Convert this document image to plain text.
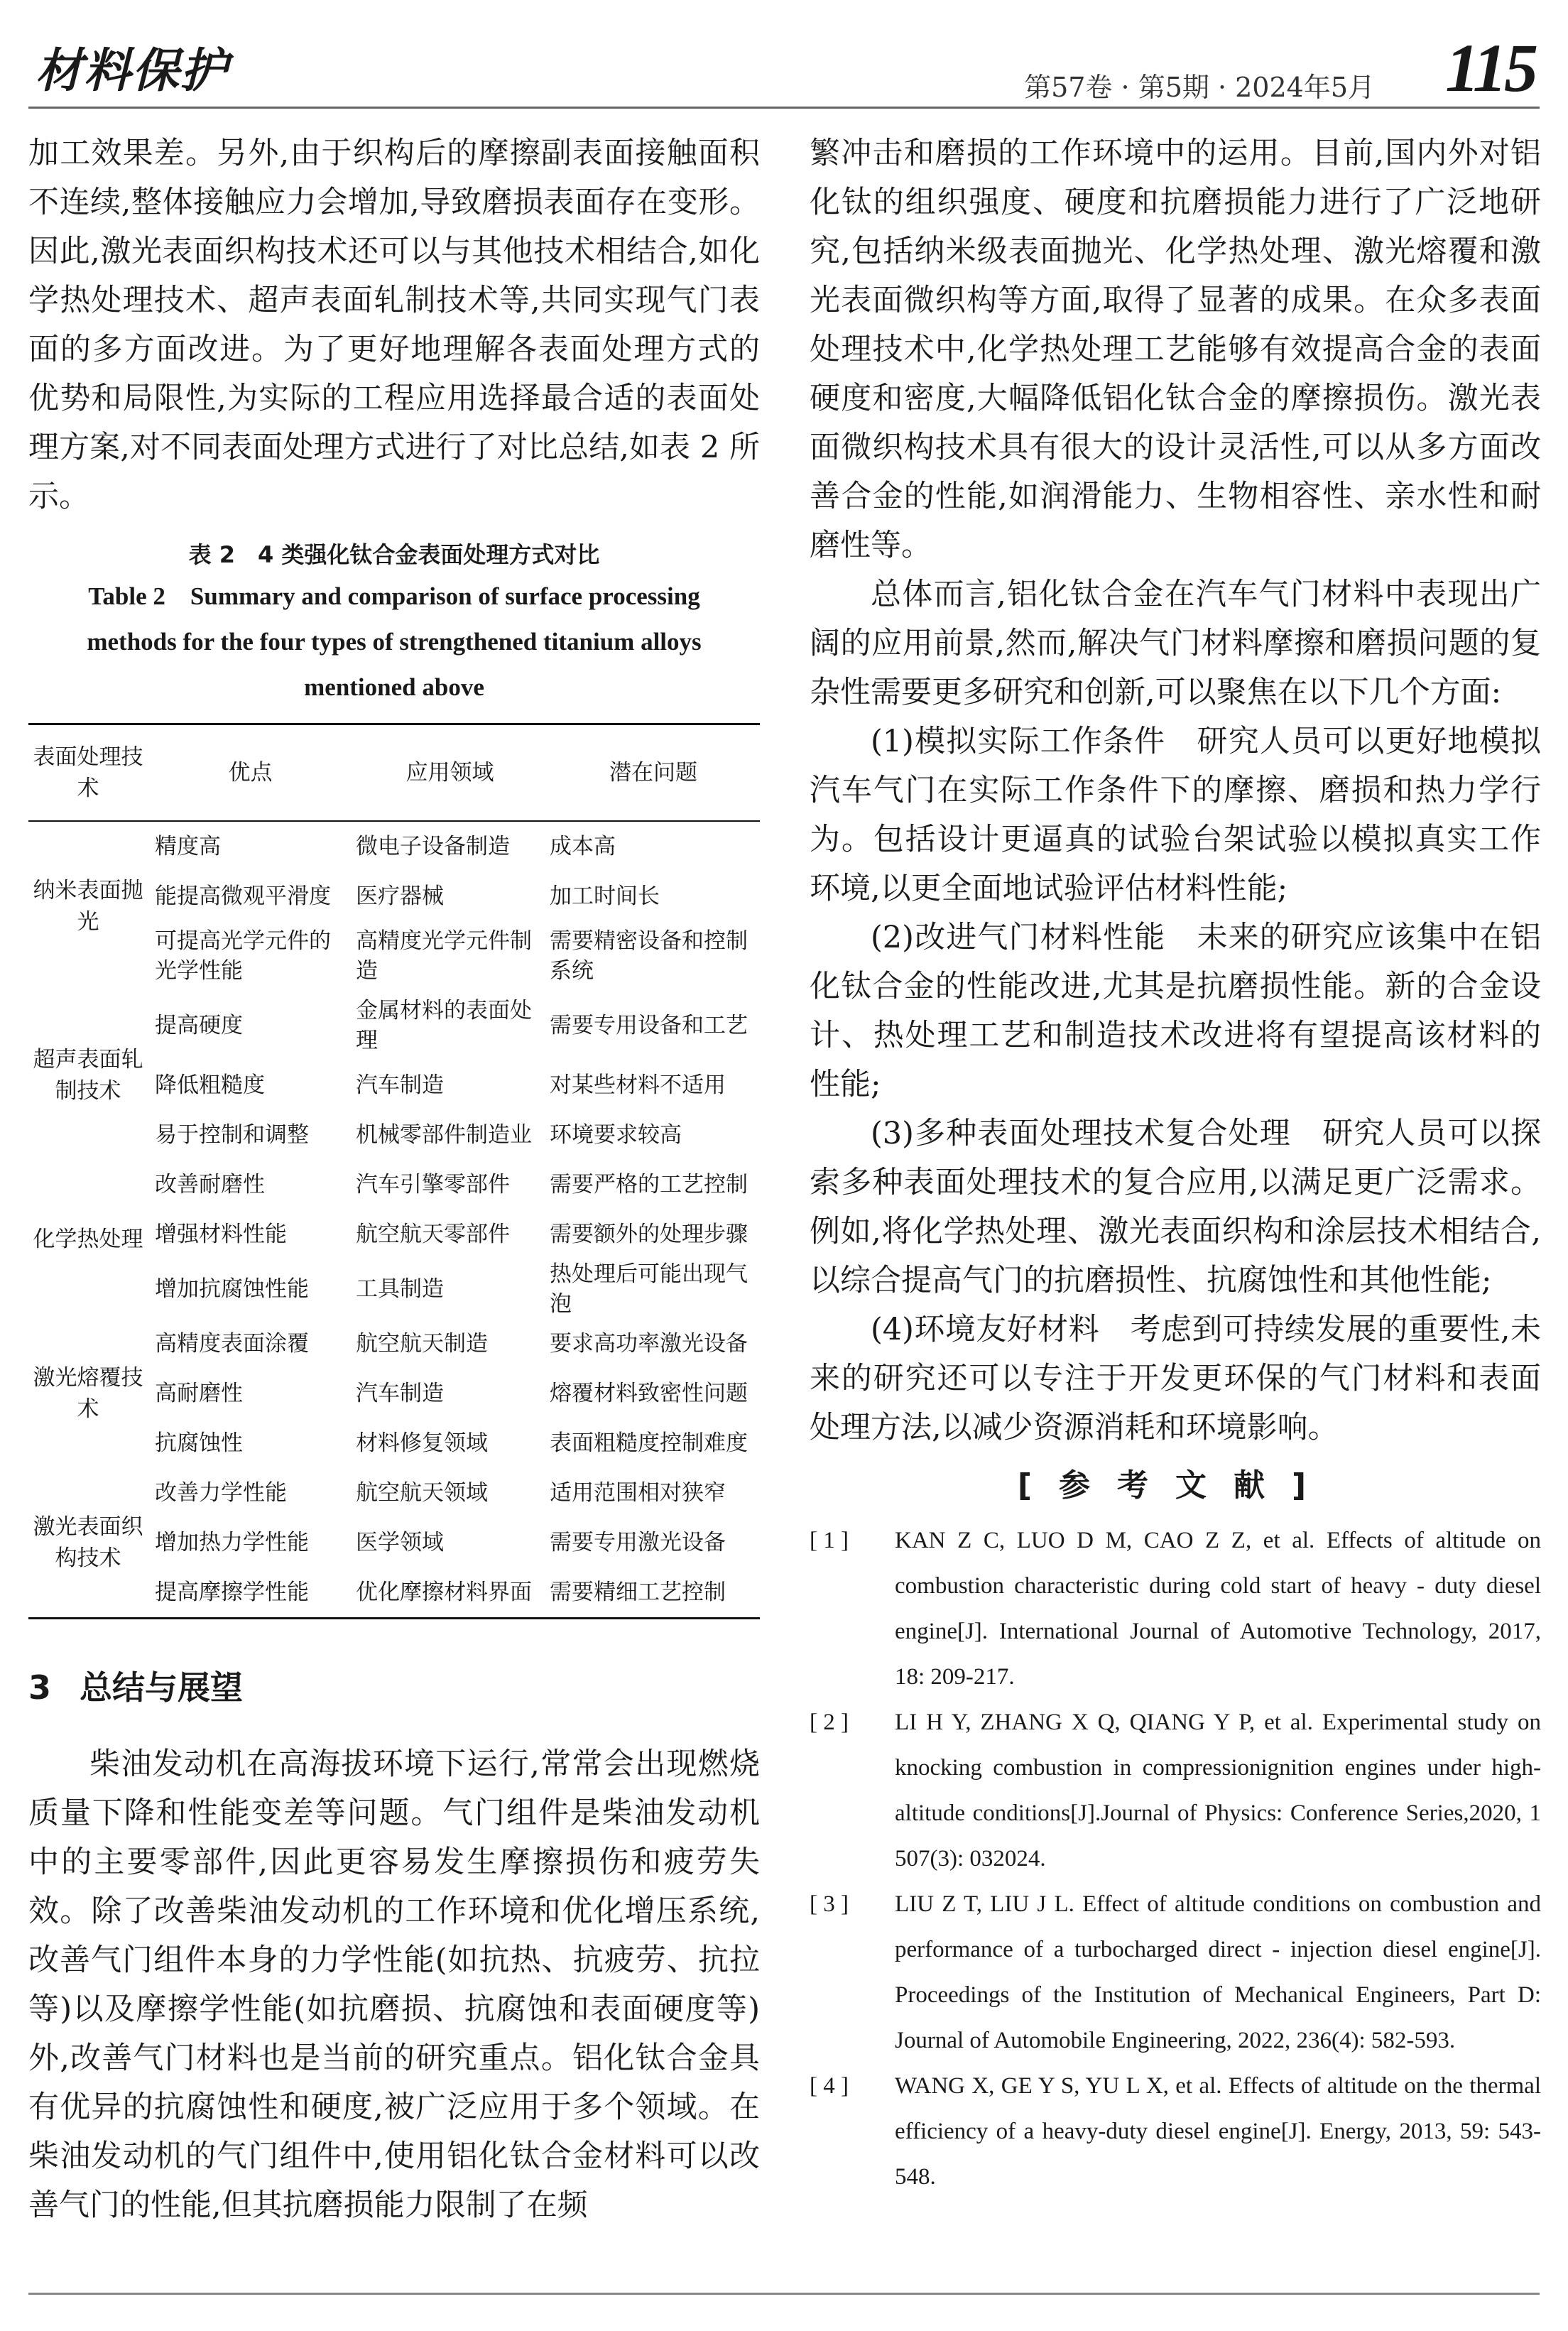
材料保护	第57卷 · 第5期 · 2024年5月 115

加工效果差。另外,由于织构后的摩擦副表面接触面积不连续,整体接触应力会增加,导致磨损表面存在变形。因此,激光表面织构技术还可以与其他技术相结合,如化学热处理技术、超声表面轧制技术等,共同实现气门表面的多方面改进。为了更好地理解各表面处理方式的优势和局限性,为实际的工程应用选择最合适的表面处理方案,对不同表面处理方式进行了对比总结,如表 2 所示。

表 2　4 类强化钛合金表面处理方式对比
Table 2　Summary and comparison of surface processing methods for the four types of strengthened titanium alloys mentioned above
表面处理技术	优点	应用领域	潜在问题
纳米表面抛光	精度高	微电子设备制造	成本高
	能提高微观平滑度	医疗器械	加工时间长
	可提高光学元件的光学性能	高精度光学元件制造	需要精密设备和控制系统
超声表面轧制技术	提高硬度	金属材料的表面处理	需要专用设备和工艺
	降低粗糙度	汽车制造	对某些材料不适用
	易于控制和调整	机械零部件制造业	环境要求较高
化学热处理	改善耐磨性	汽车引擎零部件	需要严格的工艺控制
	增强材料性能	航空航天零部件	需要额外的处理步骤
	增加抗腐蚀性能	工具制造	热处理后可能出现气泡
激光熔覆技术	高精度表面涂覆	航空航天制造	要求高功率激光设备
	高耐磨性	汽车制造	熔覆材料致密性问题
	抗腐蚀性	材料修复领域	表面粗糙度控制难度
激光表面织构技术	改善力学性能	航空航天领域	适用范围相对狭窄
	增加热力学性能	医学领域	需要专用激光设备
	提高摩擦学性能	优化摩擦材料界面	需要精细工艺控制
3 总结与展望

柴油发动机在高海拔环境下运行,常常会出现燃烧质量下降和性能变差等问题。气门组件是柴油发动机中的主要零部件,因此更容易发生摩擦损伤和疲劳失效。除了改善柴油发动机的工作环境和优化增压系统,改善气门组件本身的力学性能(如抗热、抗疲劳、抗拉等)以及摩擦学性能(如抗磨损、抗腐蚀和表面硬度等)外,改善气门材料也是当前的研究重点。铝化钛合金具有优异的抗腐蚀性和硬度,被广泛应用于多个领域。在柴油发动机的气门组件中,使用铝化钛合金材料可以改善气门的性能,但其抗磨损能力限制了在频

繁冲击和磨损的工作环境中的运用。目前,国内外对铝化钛的组织强度、硬度和抗磨损能力进行了广泛地研究,包括纳米级表面抛光、化学热处理、激光熔覆和激光表面微织构等方面,取得了显著的成果。在众多表面处理技术中,化学热处理工艺能够有效提高合金的表面硬度和密度,大幅降低铝化钛合金的摩擦损伤。激光表面微织构技术具有很大的设计灵活性,可以从多方面改善合金的性能,如润滑能力、生物相容性、亲水性和耐磨性等。

总体而言,铝化钛合金在汽车气门材料中表现出广阔的应用前景,然而,解决气门材料摩擦和磨损问题的复杂性需要更多研究和创新,可以聚焦在以下几个方面:

(1)模拟实际工作条件　研究人员可以更好地模拟汽车气门在实际工作条件下的摩擦、磨损和热力学行为。包括设计更逼真的试验台架试验以模拟真实工作环境,以更全面地试验评估材料性能;

(2)改进气门材料性能　未来的研究应该集中在铝化钛合金的性能改进,尤其是抗磨损性能。新的合金设计、热处理工艺和制造技术改进将有望提高该材料的性能;

(3)多种表面处理技术复合处理　研究人员可以探索多种表面处理技术的复合应用,以满足更广泛需求。例如,将化学热处理、激光表面织构和涂层技术相结合,以综合提高气门的抗磨损性、抗腐蚀性和其他性能;

(4)环境友好材料　考虑到可持续发展的重要性,未来的研究还可以专注于开发更环保的气门材料和表面处理方法,以减少资源消耗和环境影响。

[参考文献]
[ 1 ]	KAN Z C, LUO D M, CAO Z Z, et al. Effects of altitude on combustion characteristic during cold start of heavy - duty diesel engine[J]. International Journal of Automotive Technology, 2017, 18: 209-217.
[ 2 ]	LI H Y, ZHANG X Q, QIANG Y P, et al. Experimental study on knocking combustion in compressionignition engines under high-altitude conditions[J].Journal of Physics: Conference Series,2020, 1 507(3): 032024.
[ 3 ]	LIU Z T, LIU J L. Effect of altitude conditions on combustion and performance of a turbocharged direct - injection diesel engine[J]. Proceedings of the Institution of Mechanical Engineers, Part D: Journal of Automobile Engineering, 2022, 236(4): 582-593.
[ 4 ]	WANG X, GE Y S, YU L X, et al. Effects of altitude on the thermal efficiency of a heavy-duty diesel engine[J]. Energy, 2013, 59: 543-548.
